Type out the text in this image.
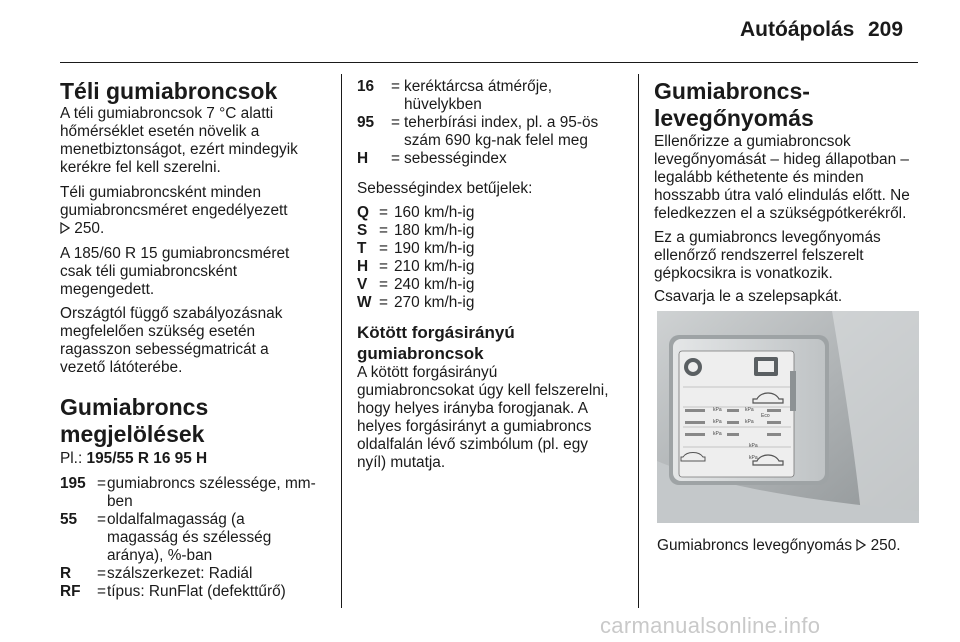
Autóápolás 209
Téli gumiabroncsok
A téli gumiabroncsok 7 °C alatti
hőmérséklet esetén növelik a
menetbiztonságot, ezért mindegyik
kerékre fel kell szerelni.
Téli gumiabroncsként minden
gumiabroncsméret engedélyezett
250.
A 185/60 R 15 gumiabroncsméret
csak téli gumiabroncsként
megengedett.
Országtól függő szabályozásnak
megfelelően szükség esetén
ragasszon sebességmatricát a
vezető látóterébe.
Gumiabroncs
megjelölések
Pl.: 195/55 R 16 95 H
195 = gumiabroncs szélessége, mm-
ben
55 = oldalfalmagasság (a
magasság és szélesség
aránya), %-ban
R = szálszerkezet: Radiál
RF = típus: RunFlat (defekttűrő)
16 = keréktárcsa átmérője,
hüvelykben
95 = teherbírási index, pl. a 95-ös
szám 690 kg-nak felel meg
H = sebességindex
Sebességindex betűjelek:
Q = 160 km/h-ig
S = 180 km/h-ig
T = 190 km/h-ig
H = 210 km/h-ig
V = 240 km/h-ig
W = 270 km/h-ig
Kötött forgásirányú
gumiabroncsok
A kötött forgásirányú
gumiabroncsokat úgy kell felszerelni,
hogy helyes irányba forogjanak. A
helyes forgásirányt a gumiabroncs
oldalfalán lévő szimbólum (pl. egy
nyíl) mutatja.
Gumiabroncs-
levegőnyomás
Ellenőrizze a gumiabroncsok
levegőnyomását – hideg állapotban –
legalább kéthetente és minden
hosszabb útra való elindulás előtt. Ne
feledkezzen el a szükségpótkerékről.
Ez a gumiabroncs levegőnyomás
ellenőrző rendszerrel felszerelt
gépkocsikra is vonatkozik.
Csavarja le a szelepsapkát.
kPa	kPa
kPa	kPa
kPa
kPa
kPa
Eco
Gumiabroncs levegőnyomás 250.
carmanualsonline.info
